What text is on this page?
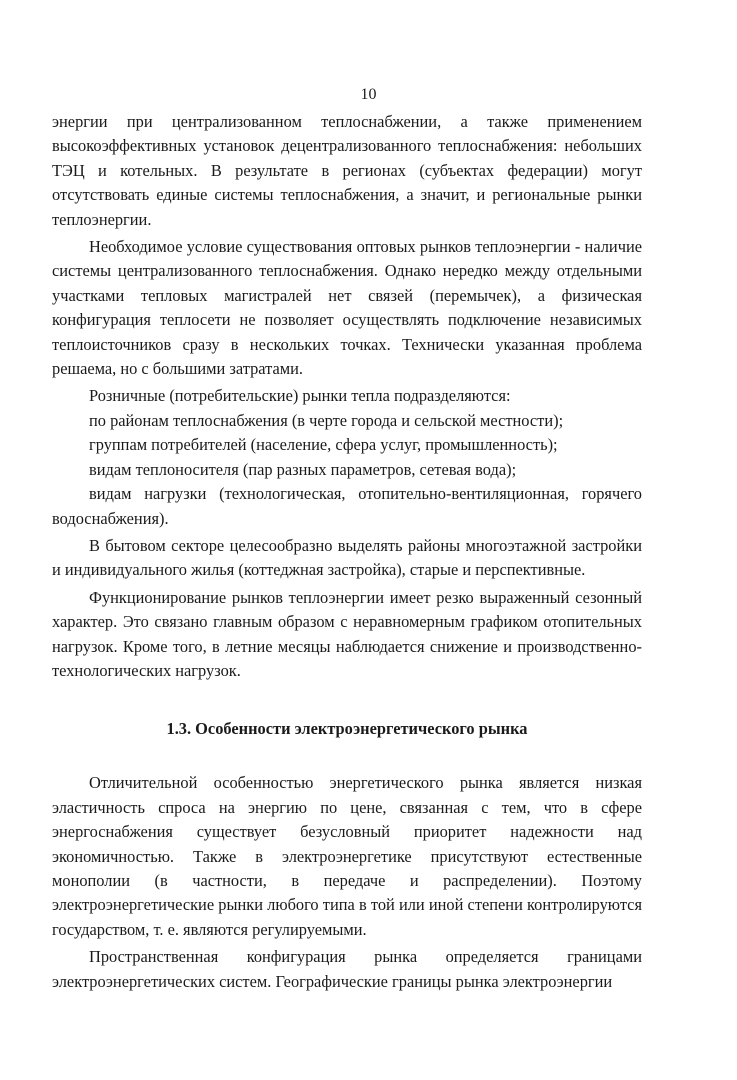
10

энергии при централизованном теплоснабжении, а также применением высокоэффективных установок децентрализованного теплоснабжения: небольших ТЭЦ и котельных. В результате в регионах (субъектах федерации) могут отсутствовать единые системы теплоснабжения, а значит, и региональные рынки теплоэнергии.

Необходимое условие существования оптовых рынков теплоэнергии - наличие системы централизованного теплоснабжения. Однако нередко между отдельными участками тепловых магистралей нет связей (перемычек), а физическая конфигурация теплосети не позволяет осуществлять подключение независимых теплоисточников сразу в нескольких точках. Технически указанная проблема решаема, но с большими затратами.

Розничные (потребительские) рынки тепла подразделяются:

по районам теплоснабжения (в черте города и сельской местности);

группам потребителей (население, сфера услуг, промышленность);

видам теплоносителя (пар разных параметров, сетевая вода);

видам нагрузки (технологическая, отопительно-вентиляционная, горячего водоснабжения).

В бытовом секторе целесообразно выделять районы многоэтажной застройки и индивидуального жилья (коттеджная застройка), старые и перспективные.

Функционирование рынков теплоэнергии имеет резко выраженный сезонный характер. Это связано главным образом с неравномерным графиком отопительных нагрузок. Кроме того, в летние месяцы наблюдается снижение и производственно-технологических нагрузок.

1.3. Особенности электроэнергетического рынка

Отличительной особенностью энергетического рынка является низкая эластичность спроса на энергию по цене, связанная с тем, что в сфере энергоснабжения существует безусловный приоритет надежности над экономичностью. Также в электроэнергетике присутствуют естественные монополии (в частности, в передаче и распределении). Поэтому электроэнергетические рынки любого типа в той или иной степени контролируются государством, т. е. являются регулируемыми.

Пространственная конфигурация рынка определяется границами электроэнергетических систем. Географические границы рынка электроэнергии
